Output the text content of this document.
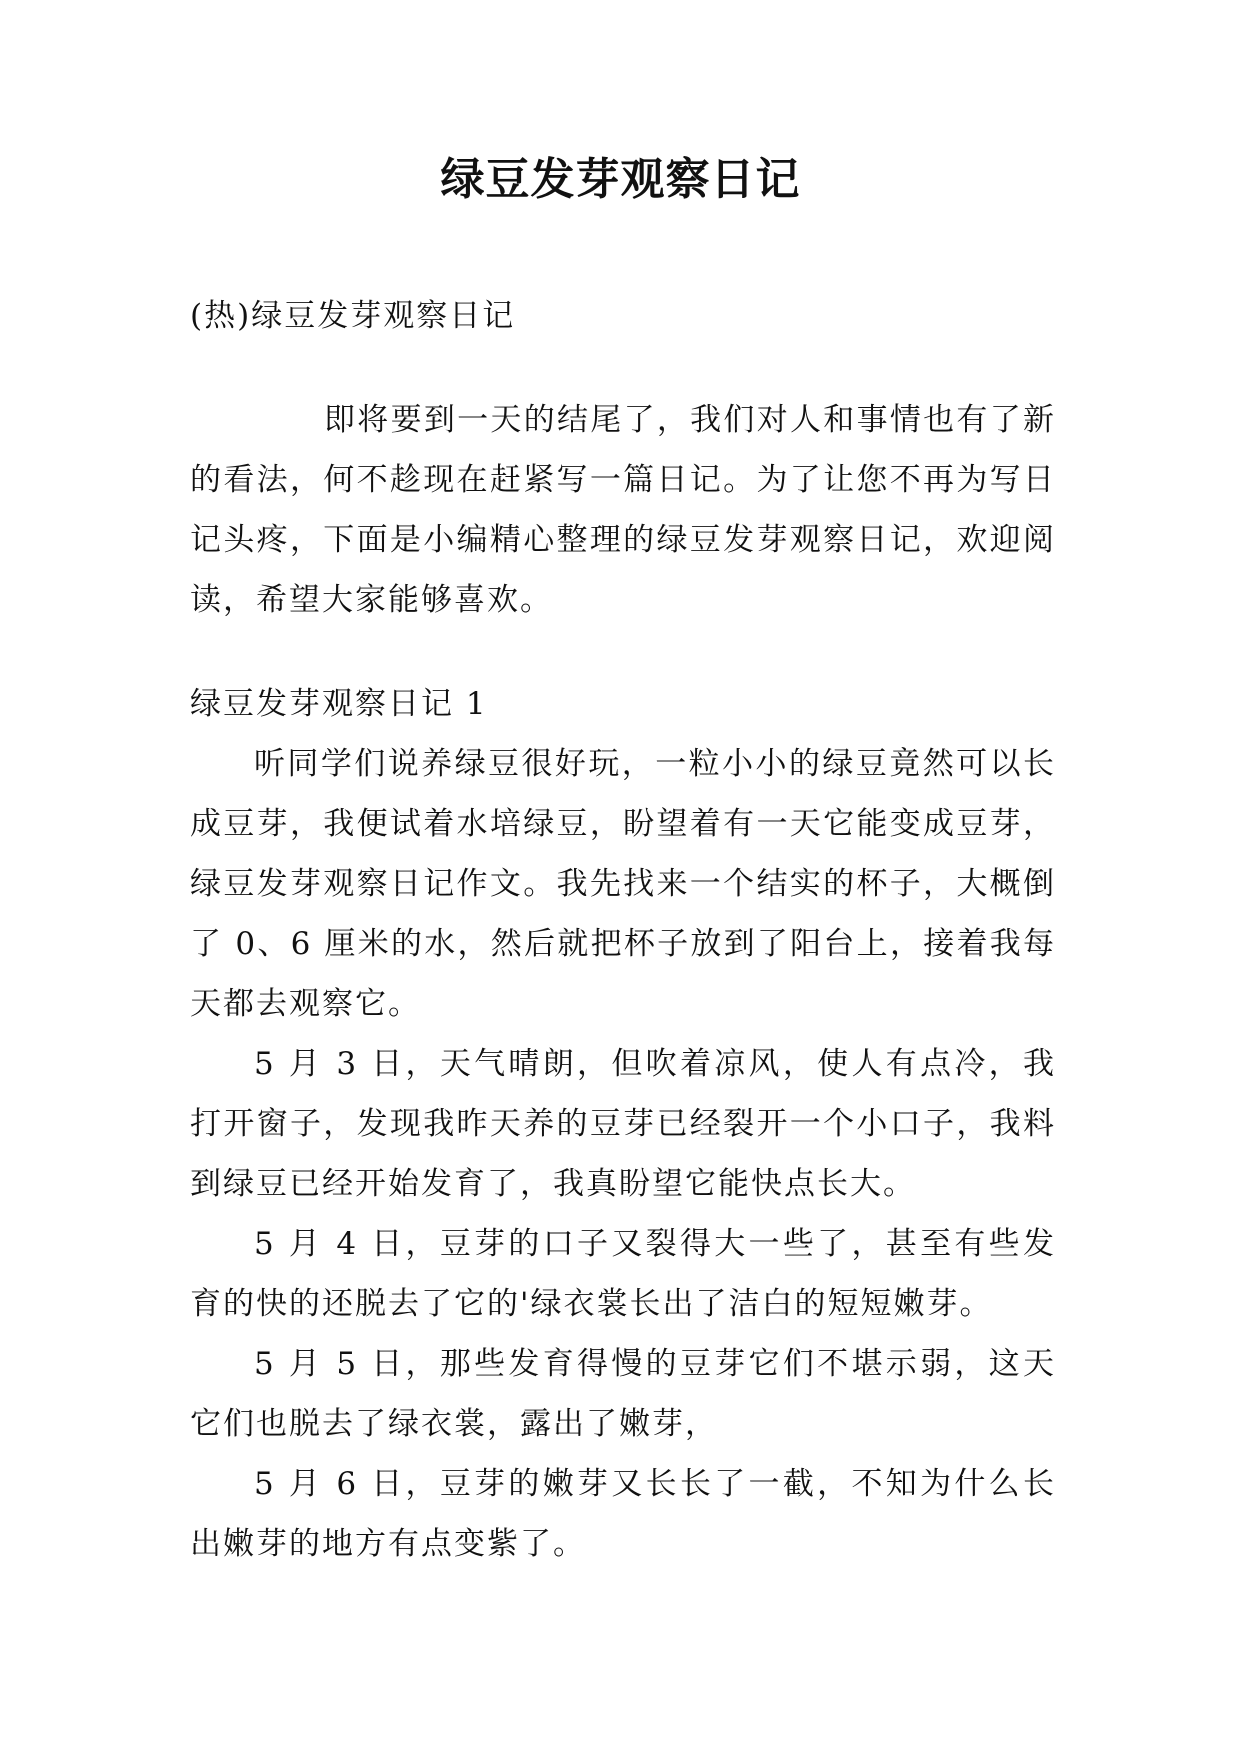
绿豆发芽观察日记

(热)绿豆发芽观察日记

即将要到一天的结尾了，我们对人和事情也有了新的看法，何不趁现在赶紧写一篇日记。为了让您不再为写日记头疼，下面是小编精心整理的绿豆发芽观察日记，欢迎阅读，希望大家能够喜欢。

绿豆发芽观察日记 1

听同学们说养绿豆很好玩，一粒小小的绿豆竟然可以长成豆芽，我便试着水培绿豆，盼望着有一天它能变成豆芽，绿豆发芽观察日记作文。我先找来一个结实的杯子，大概倒了 0、6 厘米的水，然后就把杯子放到了阳台上，接着我每天都去观察它。

5 月 3 日，天气晴朗，但吹着凉风，使人有点冷，我打开窗子，发现我昨天养的豆芽已经裂开一个小口子，我料到绿豆已经开始发育了，我真盼望它能快点长大。

5 月 4 日，豆芽的口子又裂得大一些了，甚至有些发育的快的还脱去了它的'绿衣裳长出了洁白的短短嫩芽。

5 月 5 日，那些发育得慢的豆芽它们不堪示弱，这天它们也脱去了绿衣裳，露出了嫩芽，

5 月 6 日，豆芽的嫩芽又长长了一截，不知为什么长出嫩芽的地方有点变紫了。
